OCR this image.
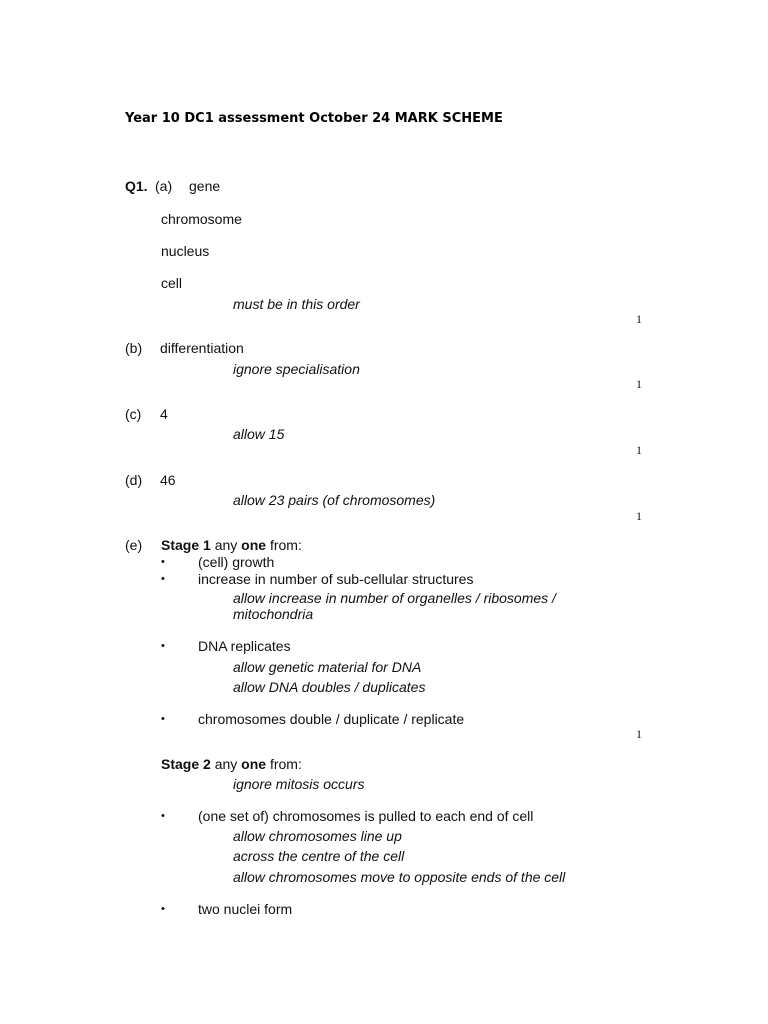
Year 10 DC1 assessment October 24 MARK SCHEME
Q1. (a) gene
chromosome
nucleus
cell
must be in this order
1
(b) differentiation
ignore specialisation
1
(c) 4
allow 15
1
(d) 46
allow 23 pairs (of chromosomes)
1
(e) Stage 1 any one from:
• (cell) growth
• increase in number of sub-cellular structures
allow increase in number of organelles / ribosomes /
mitochondria
• DNA replicates
allow genetic material for DNA
allow DNA doubles / duplicates
• chromosomes double / duplicate / replicate
1
Stage 2 any one from:
ignore mitosis occurs
• (one set of) chromosomes is pulled to each end of cell
allow chromosomes line up
across the centre of the cell
allow chromosomes move to opposite ends of the cell
• two nuclei form
